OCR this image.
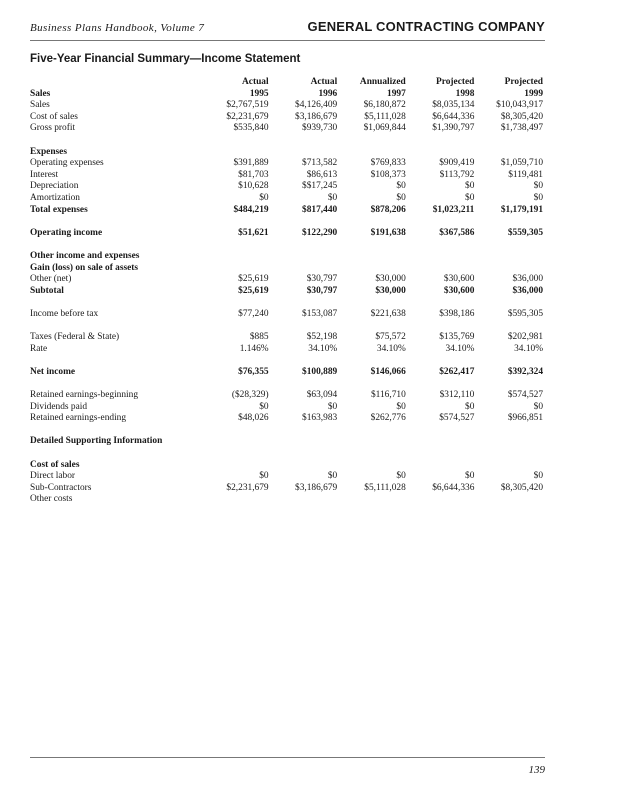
Business Plans Handbook, Volume 7	GENERAL CONTRACTING COMPANY
Five-Year Financial Summary—Income Statement
	Actual	Actual	Annualized	Projected	Projected
Sales	1995	1996	1997	1998	1999
Sales	$2,767,519	$4,126,409	$6,180,872	$8,035,134	$10,043,917
Cost of sales	$2,231,679	$3,186,679	$5,111,028	$6,644,336	$8,305,420
Gross profit	$535,840	$939,730	$1,069,844	$1,390,797	$1,738,497

Expenses					
Operating expenses	$391,889	$713,582	$769,833	$909,419	$1,059,710
Interest	$81,703	$86,613	$108,373	$113,792	$119,481
Depreciation	$10,628	$$17,245	$0	$0	$0
Amortization	$0	$0	$0	$0	$0
Total expenses	$484,219	$817,440	$878,206	$1,023,211	$1,179,191

Operating income	$51,621	$122,290	$191,638	$367,586	$559,305

Other income and expenses					
Gain (loss) on sale of assets					
Other (net)	$25,619	$30,797	$30,000	$30,600	$36,000
Subtotal	$25,619	$30,797	$30,000	$30,600	$36,000

Income before tax	$77,240	$153,087	$221,638	$398,186	$595,305

Taxes (Federal & State)	$885	$52,198	$75,572	$135,769	$202,981
Rate	1.146%	34.10%	34.10%	34.10%	34.10%

Net income	$76,355	$100,889	$146,066	$262,417	$392,324

Retained earnings-beginning	($28,329)	$63,094	$116,710	$312,110	$574,527
Dividends paid	$0	$0	$0	$0	$0
Retained earnings-ending	$48,026	$163,983	$262,776	$574,527	$966,851

Detailed Supporting Information					

Cost of sales					
Direct labor	$0	$0	$0	$0	$0
Sub-Contractors	$2,231,679	$3,186,679	$5,111,028	$6,644,336	$8,305,420
Other costs					
139
